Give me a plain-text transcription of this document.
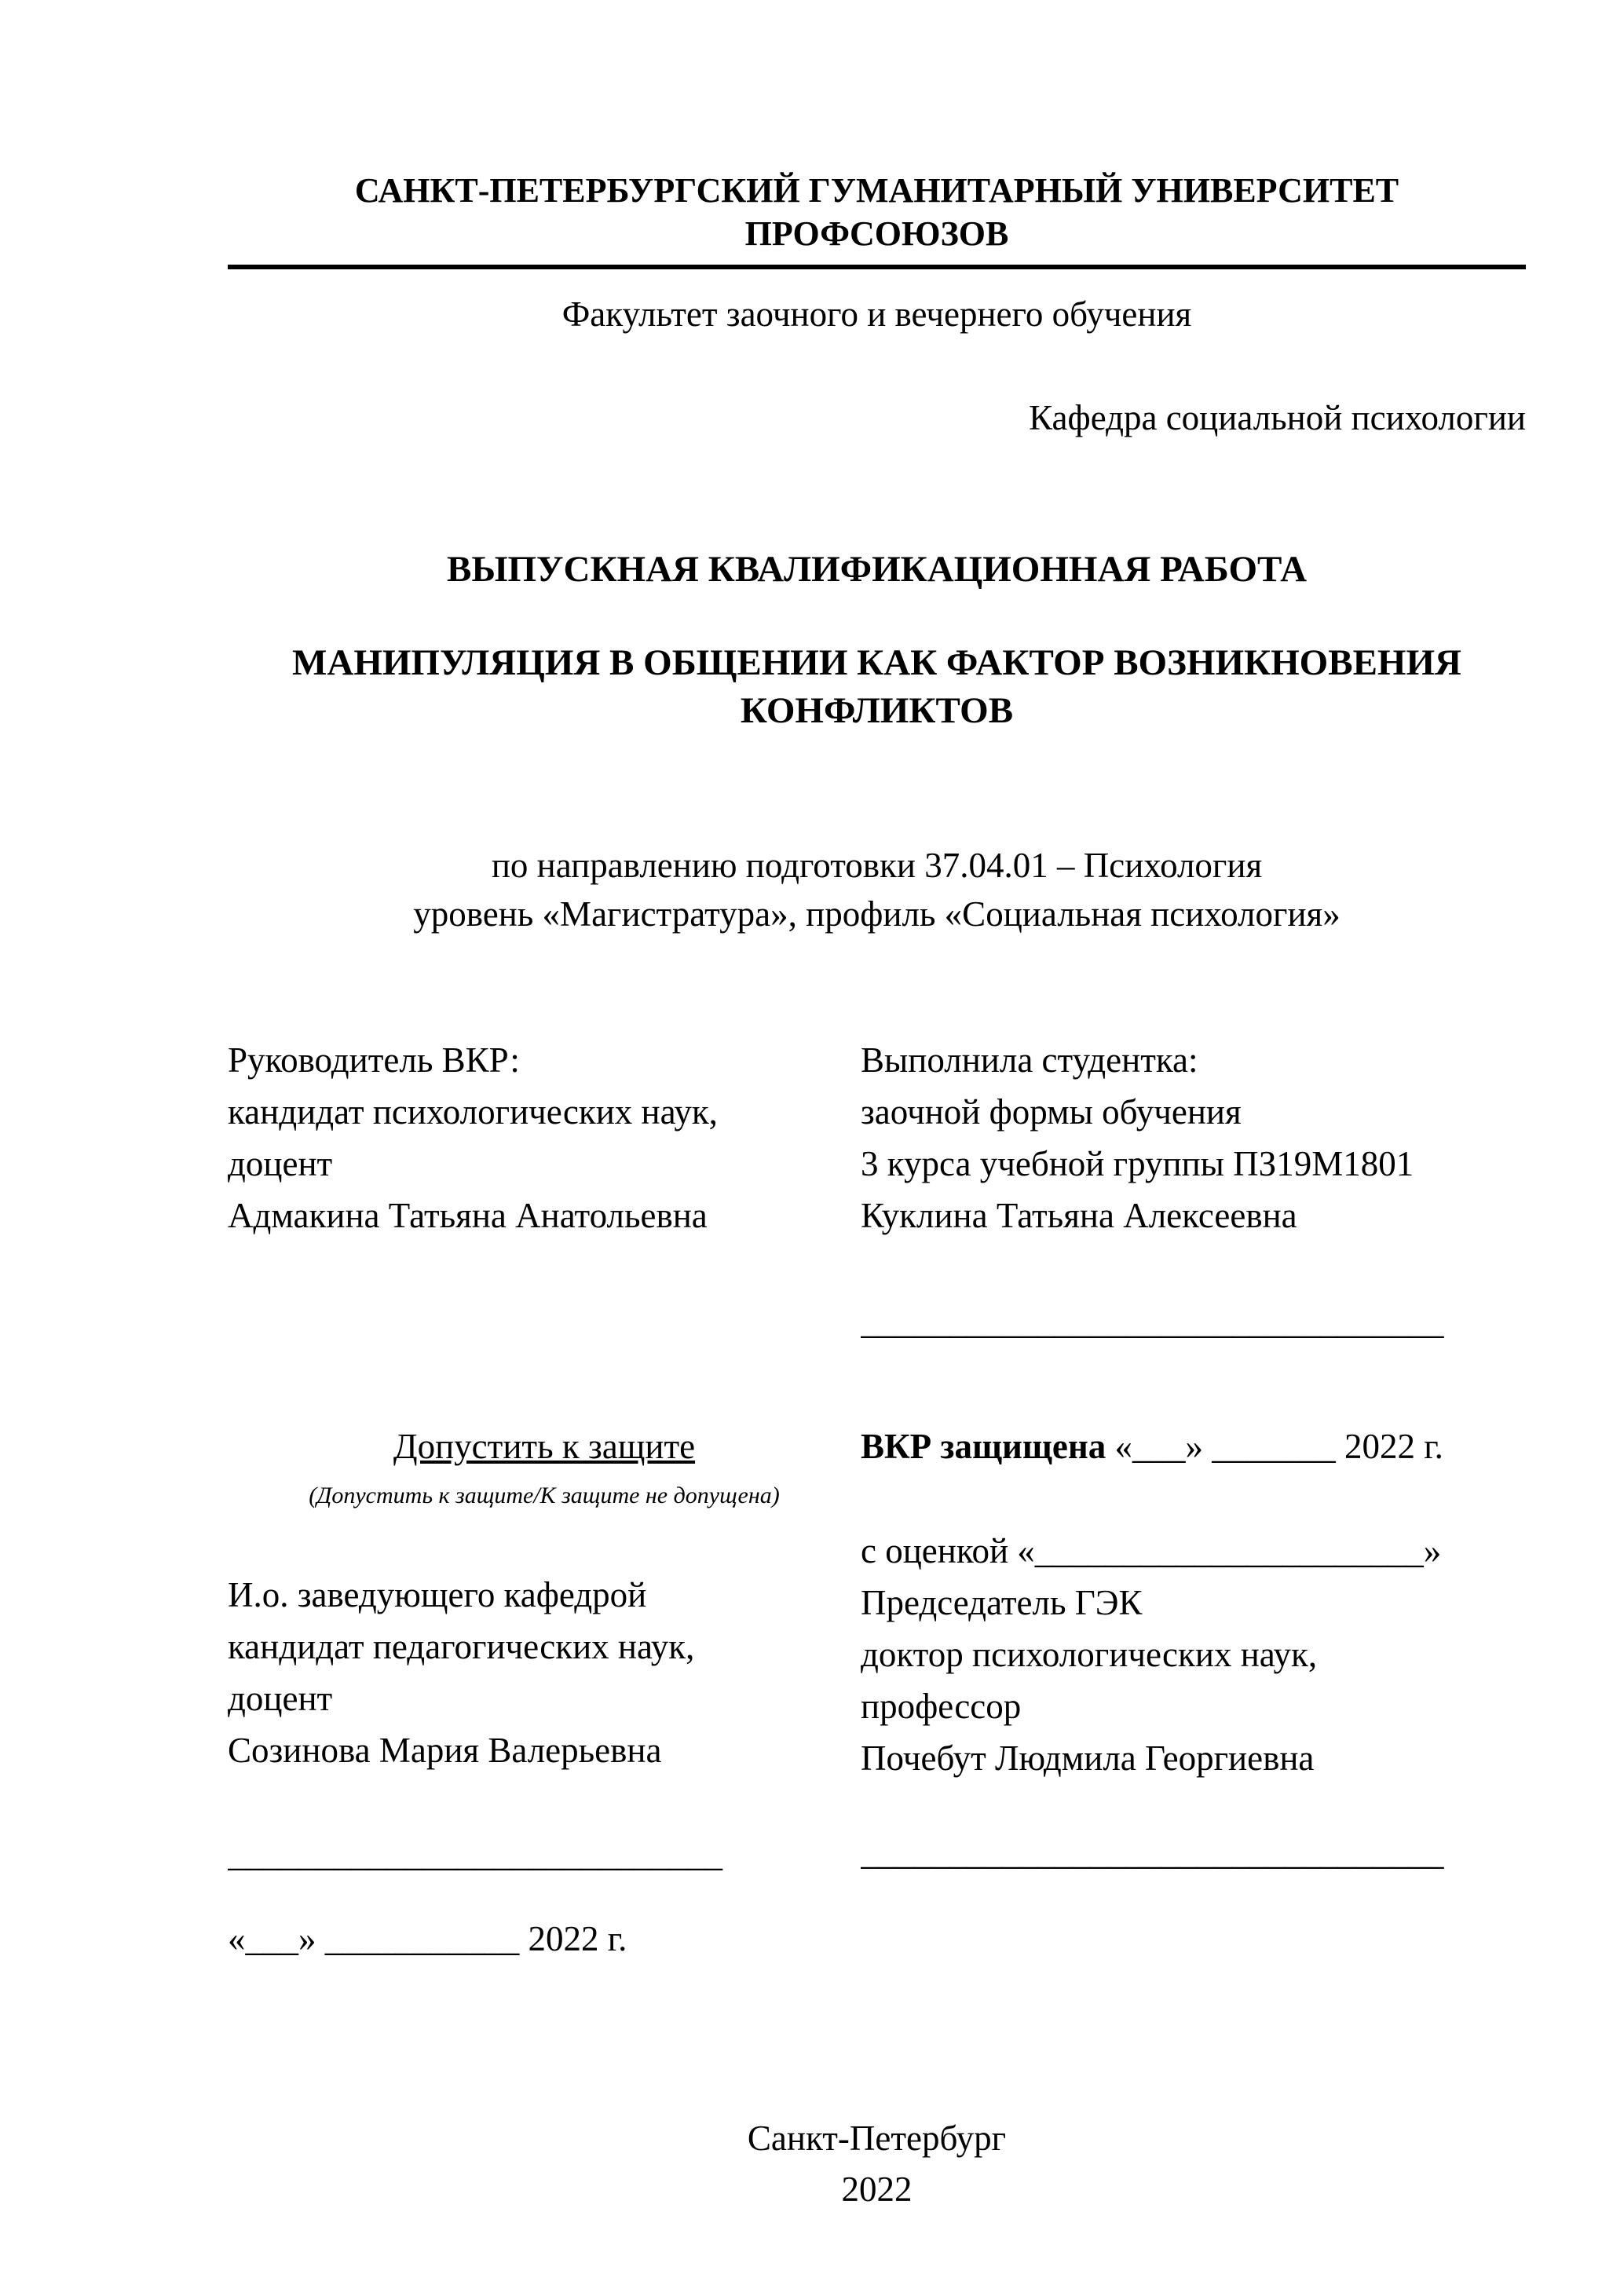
САНКТ-ПЕТЕРБУРГСКИЙ ГУМАНИТАРНЫЙ УНИВЕРСИТЕТ ПРОФСОЮЗОВ
Факультет заочного и вечернего обучения
Кафедра социальной психологии
ВЫПУСКНАЯ КВАЛИФИКАЦИОННАЯ РАБОТА
МАНИПУЛЯЦИЯ В ОБЩЕНИИ КАК ФАКТОР ВОЗНИКНОВЕНИЯ
КОНФЛИКТОВ
по направлению подготовки 37.04.01 – Психология
уровень «Магистратура», профиль «Социальная психология»
Руководитель ВКР:
кандидат психологических наук,
доцент
Адмакина Татьяна Анатольевна
Выполнила студентка:
заочной формы обучения
3 курса учебной группы ПЗ19М1801
Куклина Татьяна Алексеевна
_________________________________
Допустить к защите
(Допустить к защите/К защите не допущена)
И.о. заведующего кафедрой
кандидат педагогических наук,
доцент
Созинова Мария Валерьевна
____________________________
«___» ___________ 2022 г.
ВКР защищена «___» _______ 2022 г.
с оценкой «______________________»
Председатель ГЭК
доктор психологических наук,
профессор
Почебут Людмила Георгиевна
_________________________________
Санкт-Петербург
2022
